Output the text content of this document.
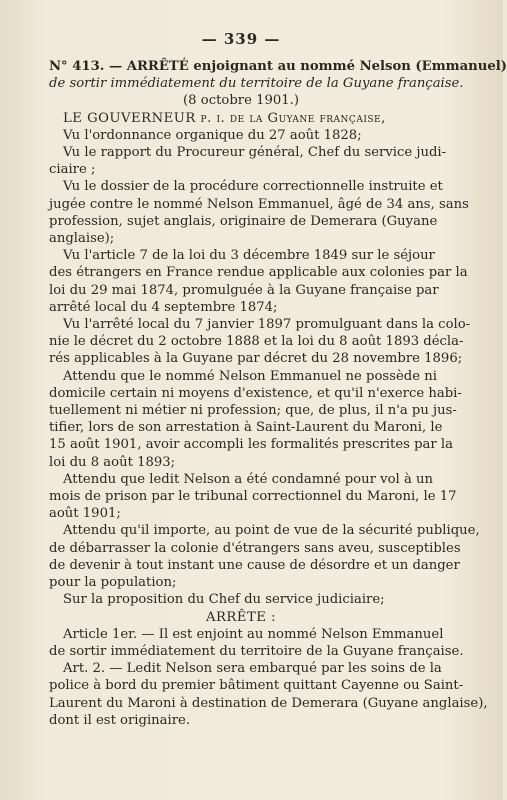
— 339 —
N° 413. — ARRÊTÉ enjoignant au nommé Nelson (Emmanuel)
de sortir immédiatement du territoire de la Guyane française.
(8 octobre 1901.)
LE GOUVERNEUR p. i. de la Guyane française,
Vu l'ordonnance organique du 27 août 1828;
Vu le rapport du Procureur général, Chef du service judi-
ciaire ;
Vu le dossier de la procédure correctionnelle instruite et
jugée contre le nommé Nelson Emmanuel, âgé de 34 ans, sans
profession, sujet anglais, originaire de Demerara (Guyane
anglaise);
Vu l'article 7 de la loi du 3 décembre 1849 sur le séjour
des étrangers en France rendue applicable aux colonies par la
loi du 29 mai 1874, promulguée à la Guyane française par
arrêté local du 4 septembre 1874;
Vu l'arrêté local du 7 janvier 1897 promulguant dans la colo-
nie le décret du 2 octobre 1888 et la loi du 8 août 1893 décla-
rés applicables à la Guyane par décret du 28 novembre 1896;
Attendu que le nommé Nelson Emmanuel ne possède ni
domicile certain ni moyens d'existence, et qu'il n'exerce habi-
tuellement ni métier ni profession; que, de plus, il n'a pu jus-
tifier, lors de son arrestation à Saint-Laurent du Maroni, le
15 août 1901, avoir accompli les formalités prescrites par la
loi du 8 août 1893;
Attendu que ledit Nelson a été condamné pour vol à un
mois de prison par le tribunal correctionnel du Maroni, le 17
août 1901;
Attendu qu'il importe, au point de vue de la sécurité publique,
de débarrasser la colonie d'étrangers sans aveu, susceptibles
de devenir à tout instant une cause de désordre et un danger
pour la population;
Sur la proposition du Chef du service judiciaire;
ARRÊTE :
Article 1er. — Il est enjoint au nommé Nelson Emmanuel
de sortir immédiatement du territoire de la Guyane française.
Art. 2. — Ledit Nelson sera embarqué par les soins de la
police à bord du premier bâtiment quittant Cayenne ou Saint-
Laurent du Maroni à destination de Demerara (Guyane anglaise),
dont il est originaire.
